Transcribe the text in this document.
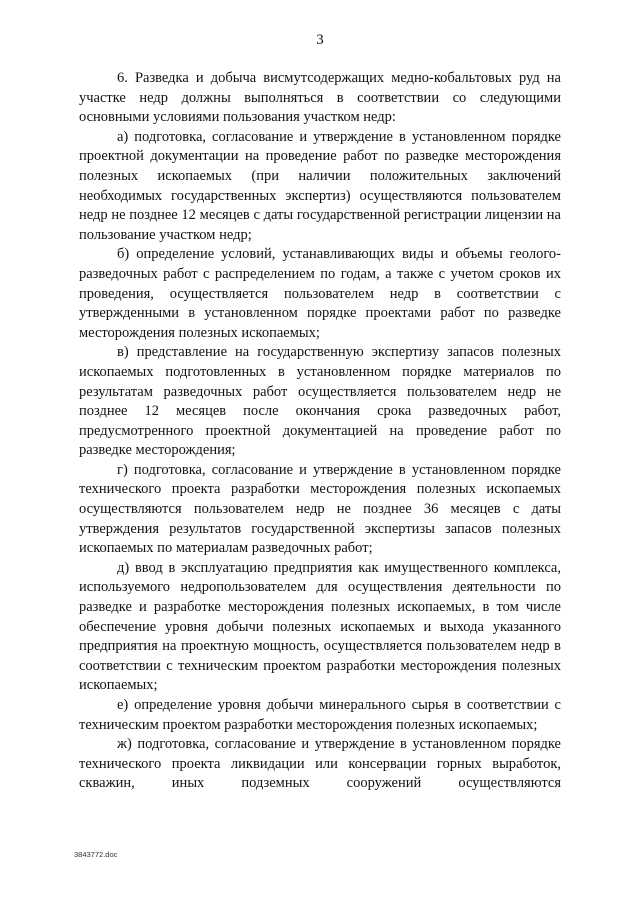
3

6. Разведка и добыча висмутсодержащих медно-кобальтовых руд на участке недр должны выполняться в соответствии со следующими основными условиями пользования участком недр:

а) подготовка, согласование и утверждение в установленном порядке проектной документации на проведение работ по разведке месторождения полезных ископаемых (при наличии положительных заключений необходимых государственных экспертиз) осуществляются пользователем недр не позднее 12 месяцев с даты государственной регистрации лицензии на пользование участком недр;

б) определение условий, устанавливающих виды и объемы геолого-разведочных работ с распределением по годам, а также с учетом сроков их проведения, осуществляется пользователем недр в соответствии с утвержденными в установленном порядке проектами работ по разведке месторождения полезных ископаемых;

в) представление на государственную экспертизу запасов полезных ископаемых подготовленных в установленном порядке материалов по результатам разведочных работ осуществляется пользователем недр не позднее 12 месяцев после окончания срока разведочных работ, предусмотренного проектной документацией на проведение работ по разведке месторождения;

г) подготовка, согласование и утверждение в установленном порядке технического проекта разработки месторождения полезных ископаемых осуществляются пользователем недр не позднее 36 месяцев с даты утверждения результатов государственной экспертизы запасов полезных ископаемых по материалам разведочных работ;

д) ввод в эксплуатацию предприятия как имущественного комплекса, используемого недропользователем для осуществления деятельности по разведке и разработке месторождения полезных ископаемых, в том числе обеспечение уровня добычи полезных ископаемых и выхода указанного предприятия на проектную мощность, осуществляется пользователем недр в соответствии с техническим проектом разработки месторождения полезных ископаемых;

е) определение уровня добычи минерального сырья в соответствии с техническим проектом разработки месторождения полезных ископаемых;

ж) подготовка, согласование и утверждение в установленном порядке технического проекта ликвидации или консервации горных выработок, скважин, иных подземных сооружений осуществляются

3843772.doc
